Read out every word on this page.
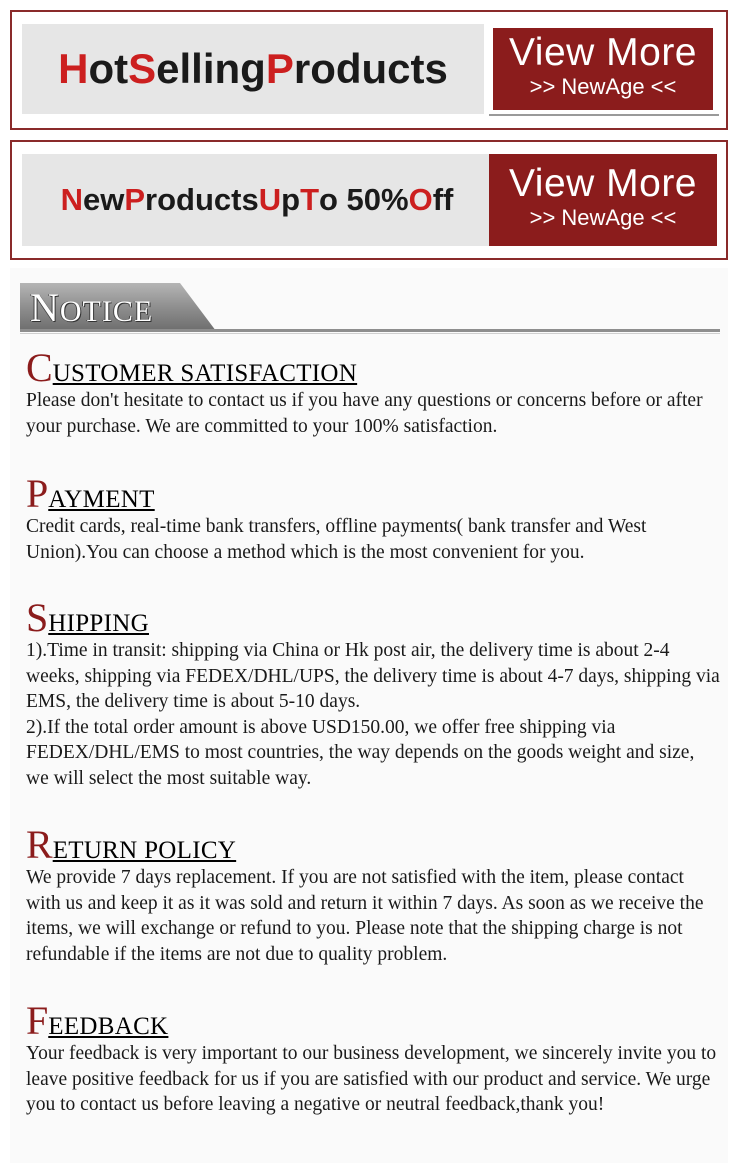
H ot S elling P roducts	View More
>> NewAge <<
N ew P roducts U p T o 50% O ff	View More
>> NewAge <<
NOTICE
CUSTOMER SATISFACTION

Please don't hesitate to contact us if you have any questions or concerns before or after your purchase. We are committed to your 100% satisfaction.

PAYMENT

Credit cards, real-time bank transfers, offline payments( bank transfer and West Union).You can choose a method which is the most convenient for you.

SHIPPING

1).Time in transit: shipping via China or Hk post air, the delivery time is about 2-4 weeks, shipping via FEDEX/DHL/UPS, the delivery time is about 4-7 days, shipping via EMS, the delivery time is about 5-10 days.

2).If the total order amount is above USD150.00, we offer free shipping via FEDEX/DHL/EMS to most countries, the way depends on the goods weight and size, we will select the most suitable way.

RETURN POLICY

We provide 7 days replacement. If you are not satisfied with the item, please contact with us and keep it as it was sold and return it within 7 days. As soon as we receive the items, we will exchange or refund to you. Please note that the shipping charge is not refundable if the items are not due to quality problem.

FEEDBACK

Your feedback is very important to our business development, we sincerely invite you to leave positive feedback for us if you are satisfied with our product and service. We urge you to contact us before leaving a negative or neutral feedback,thank you!
